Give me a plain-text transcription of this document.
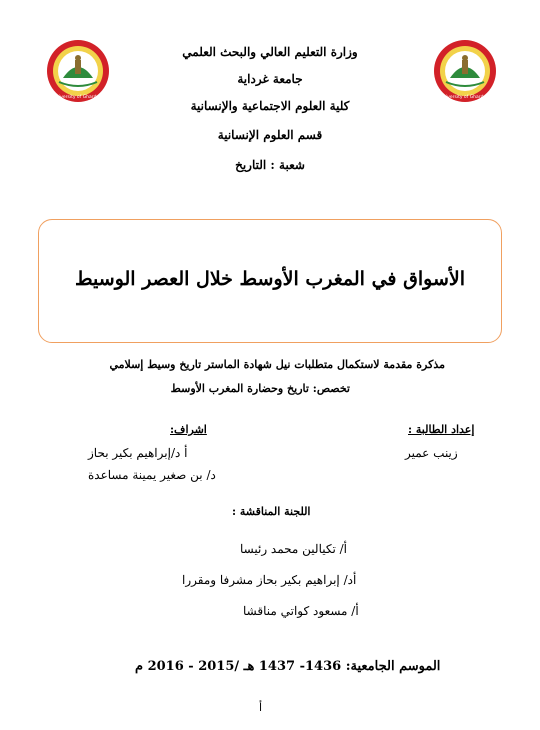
University of Ghardaia	University of Ghardaia
وزارة التعليم العالي والبحث العلمي
جامعة غرداية
كلية العلوم الاجتماعية والإنسانية
قسم العلوم الإنسانية
شعبة : التاريخ
الأسواق في المغرب الأوسط خلال العصر الوسيط
مذكرة مقدمة لاستكمال متطلبات نيل شهادة الماستر تاريخ وسيط إسلامي
تخصص: تاريخ وحضارة المغرب الأوسط
اشراف:
أ د/إبراهيم بكير بحاز
د/ بن صغير يمينة مساعدة
إعداد الطالبة :
زينب عمير
اللجنة المناقشة :
أ/ تكيالين محمد رئيسا
أد/ إبراهيم بكير بحاز مشرفا ومقررا
أ/ مسعود كواتي مناقشا
الموسم الجامعية: 1436- 1437 هـ /2015 - 2016 م
أ
